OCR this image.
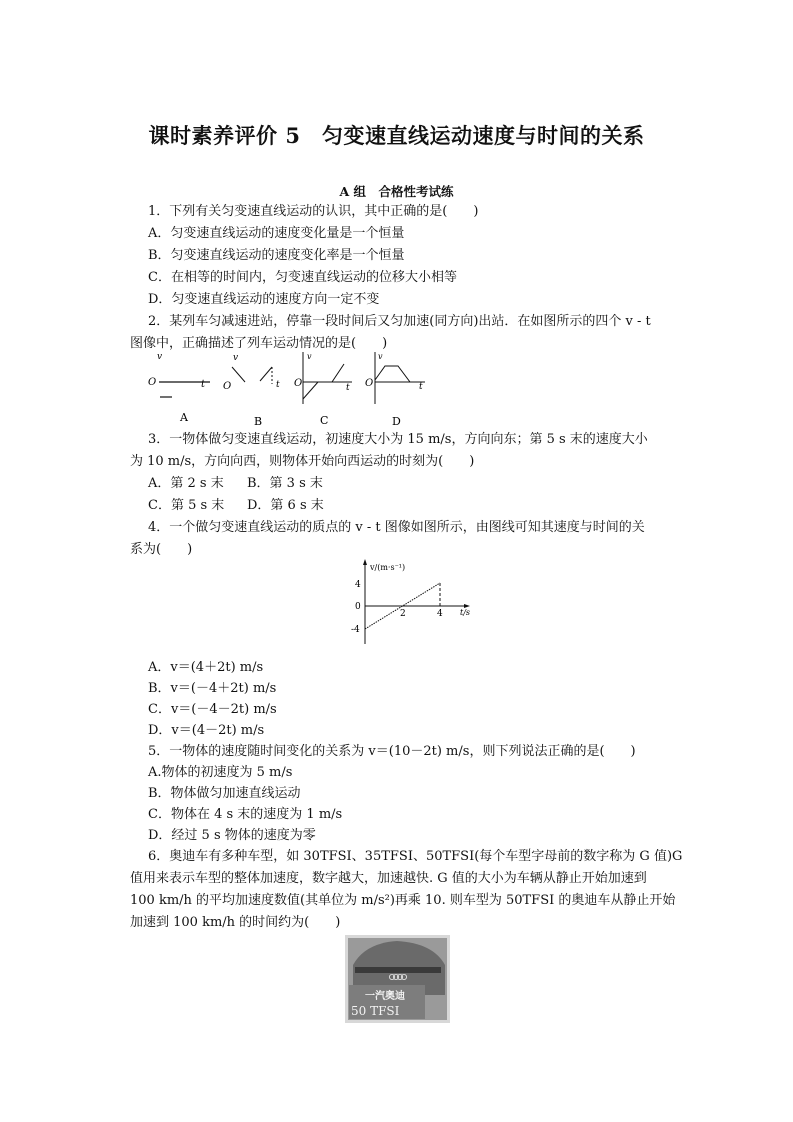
课时素养评价 5　匀变速直线运动速度与时间的关系
A 组　合格性考试练
1．下列有关匀变速直线运动的认识，其中正确的是(　　)
A．匀变速直线运动的速度变化量是一个恒量
B．匀变速直线运动的速度变化率是一个恒量
C．在相等的时间内，匀变速直线运动的位移大小相等
D．匀变速直线运动的速度方向一定不变
2．某列车匀减速进站，停靠一段时间后又匀加速(同方向)出站．在如图所示的四个 v - t
图像中，正确描述了列车运动情况的是(　　)
v
O	t
A
v
O	t
B
v
O	t
C
v
O	t
D
3．一物体做匀变速直线运动，初速度大小为 15 m/s，方向向东；第 5 s 末的速度大小
为 10 m/s，方向向西，则物体开始向西运动的时刻为(　　)
A．第 2 s 末 B．第 3 s 末
C．第 5 s 末 D．第 6 s 末
4．一个做匀变速直线运动的质点的 v - t 图像如图所示，由图线可知其速度与时间的关
系为(　　)
v/(m·s⁻¹)
t/s
4
0
-4
2	4
A．v＝(4＋2t) m/s
B．v＝(－4＋2t) m/s
C．v＝(－4－2t) m/s
D．v＝(4－2t) m/s
5．一物体的速度随时间变化的关系为 v＝(10－2t) m/s，则下列说法正确的是(　　)
A.物体的初速度为 5 m/s
B．物体做匀加速直线运动
C．物体在 4 s 末的速度为 1 m/s
D．经过 5 s 物体的速度为零
6．奥迪车有多种车型，如 30TFSI、35TFSI、50TFSI(每个车型字母前的数字称为 G 值)G
值用来表示车型的整体加速度，数字越大，加速越快. G 值的大小为车辆从静止开始加速到
100 km/h 的平均加速度数值(其单位为 m/s²)再乘 10. 则车型为 50TFSI 的奥迪车从静止开始
加速到 100 km/h 的时间约为(　　)
一汽奥迪
50 TFSI
